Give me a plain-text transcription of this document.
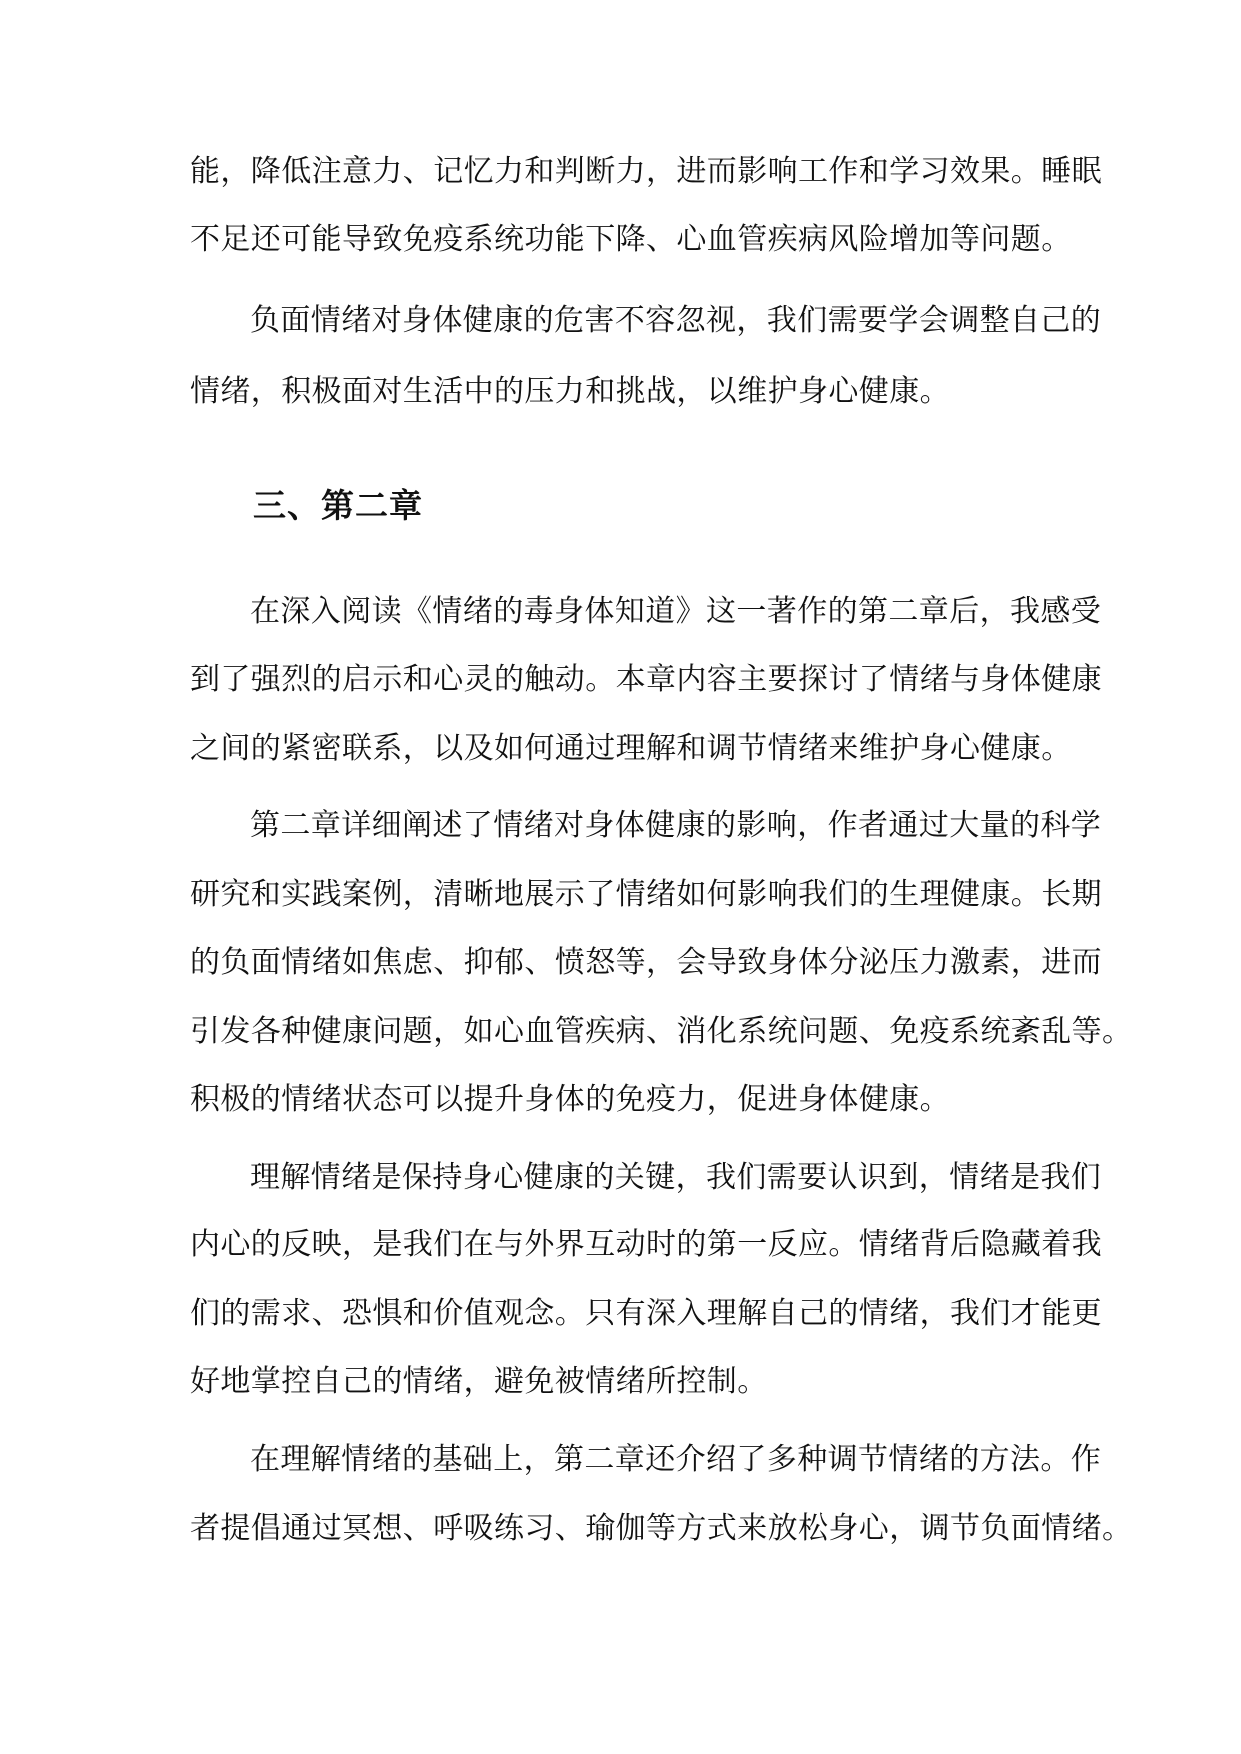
能，降低注意力、记忆力和判断力，进而影响工作和学习效果。睡眠
不足还可能导致免疫系统功能下降、心血管疾病风险增加等问题。
负面情绪对身体健康的危害不容忽视，我们需要学会调整自己的
情绪，积极面对生活中的压力和挑战，以维护身心健康。
三、第二章
在深入阅读《情绪的毒身体知道》这一著作的第二章后，我感受
到了强烈的启示和心灵的触动。本章内容主要探讨了情绪与身体健康
之间的紧密联系，以及如何通过理解和调节情绪来维护身心健康。
第二章详细阐述了情绪对身体健康的影响，作者通过大量的科学
研究和实践案例，清晰地展示了情绪如何影响我们的生理健康。长期
的负面情绪如焦虑、抑郁、愤怒等，会导致身体分泌压力激素，进而
引发各种健康问题，如心血管疾病、消化系统问题、免疫系统紊乱等。
积极的情绪状态可以提升身体的免疫力，促进身体健康。
理解情绪是保持身心健康的关键，我们需要认识到，情绪是我们
内心的反映，是我们在与外界互动时的第一反应。情绪背后隐藏着我
们的需求、恐惧和价值观念。只有深入理解自己的情绪，我们才能更
好地掌控自己的情绪，避免被情绪所控制。
在理解情绪的基础上，第二章还介绍了多种调节情绪的方法。作
者提倡通过冥想、呼吸练习、瑜伽等方式来放松身心，调节负面情绪。
